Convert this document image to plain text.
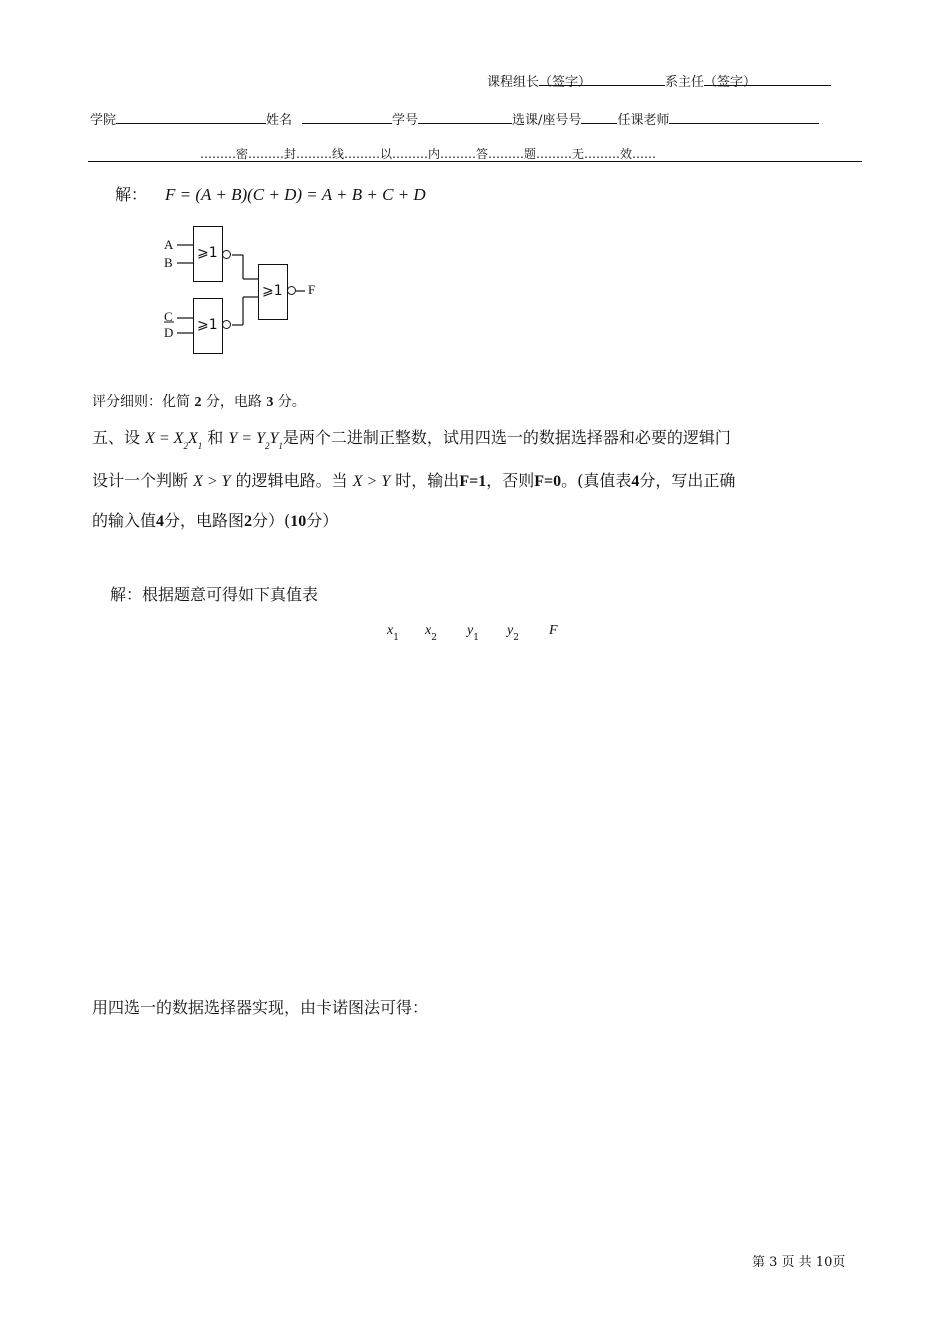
课程组长（签字）	系主任（签字）
学院	姓名	学号	选课/座号号	任课老师
………密………封………线………以………内………答………题………无………效……
解： F = (A + B)(C + D) = A + B + C + D
A
B
C
D
⩾1
⩾1
⩾1 F
评分细则：化简 2 分，电路 3 分。
五、设 $X = X_2X_1$ 和 $Y = Y_2Y_1$是两个二进制正整数，试用四选一的数据选择器和必要的逻辑门
设计一个判断 X > Y 的逻辑电路。当 X > Y 时，输出F=1，否则F=0。(真值表4分，写出正确
的输入值4分，电路图2分）(10分）
解：根据题意可得如下真值表
$x_1$ $x_2$ $y_1$ $y_2$ F
用四选一的数据选择器实现，由卡诺图法可得：
第 3 页 共 10页
